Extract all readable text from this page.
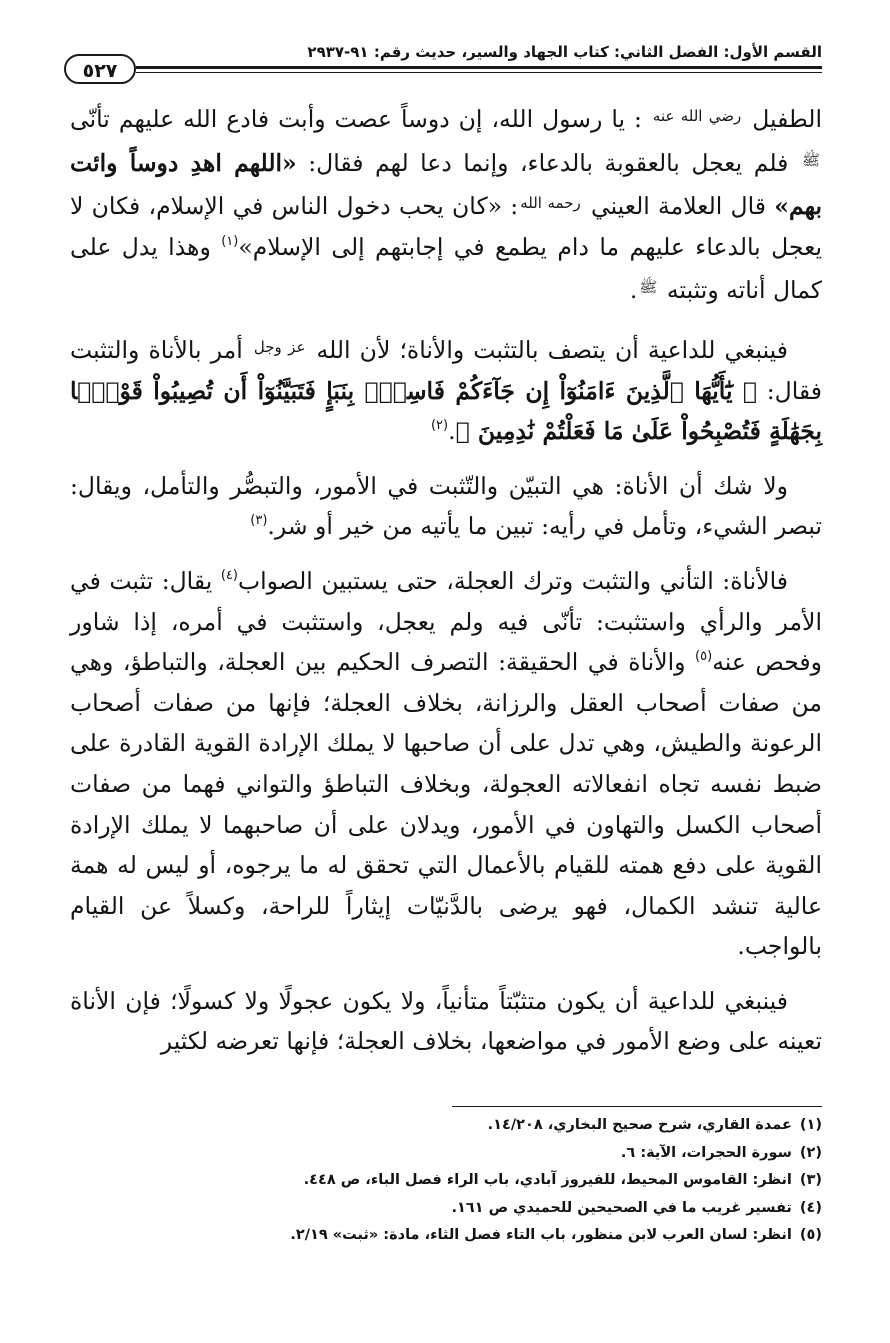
القسم الأول: الفصل الثاني: كتاب الجهاد والسير، حديث رقم: ٩١-٢٩٣٧
٥٢٧

الطفيل $^{رضي الله عنه}$ : يا رسول الله، إن دوساً عصت وأبت فادع الله عليهم تأنّى $^ﷺ$ فلم يعجل بالعقوبة بالدعاء، وإنما دعا لهم فقال: «اللهم اهدِ دوساً وائت بهم» قال العلامة العيني $^{رحمه الله}$: «كان يحب دخول الناس في الإسلام، فكان لا يعجل بالدعاء عليهم ما دام يطمع في إجابتهم إلى الإسلام»$^{(١)}$ وهذا يدل على كمال أناته وتثبته $^ﷺ$.

فينبغي للداعية أن يتصف بالتثبت والأناة؛ لأن الله $^{عز وجل}$ أمر بالأناة والتثبت فقال: ﴿ يَٰٓأَيُّهَا ٱلَّذِينَ ءَامَنُوٓاْ إِن جَآءَكُمْ فَاسِقُۢ بِنَبَإٍ فَتَبَيَّنُوٓاْ أَن تُصِيبُواْ قَوْمَۢا بِجَهَٰلَةٍ فَتُصْبِحُواْ عَلَىٰ مَا فَعَلْتُمْ نَٰدِمِينَ ﴾.$^{(٢)}$

ولا شك أن الأناة: هي التبيّن والتّثبت في الأمور، والتبصُّر والتأمل، ويقال: تبصر الشيء، وتأمل في رأيه: تبين ما يأتيه من خير أو شر.$^{(٣)}$

فالأناة: التأني والتثبت وترك العجلة، حتى يستبين الصواب$^{(٤)}$ يقال: تثبت في الأمر والرأي واستثبت: تأنّى فيه ولم يعجل، واستثبت في أمره، إذا شاور وفحص عنه$^{(٥)}$ والأناة في الحقيقة: التصرف الحكيم بين العجلة، والتباطؤ، وهي من صفات أصحاب العقل والرزانة، بخلاف العجلة؛ فإنها من صفات أصحاب الرعونة والطيش، وهي تدل على أن صاحبها لا يملك الإرادة القوية القادرة على ضبط نفسه تجاه انفعالاته العجولة، وبخلاف التباطؤ والتواني فهما من صفات أصحاب الكسل والتهاون في الأمور، ويدلان على أن صاحبهما لا يملك الإرادة القوية على دفع همته للقيام بالأعمال التي تحقق له ما يرجوه، أو ليس له همة عالية تنشد الكمال، فهو يرضى بالدَّنيّات إيثاراً للراحة، وكسلاً عن القيام بالواجب.

فينبغي للداعية أن يكون متثبّتاً متأنياً، ولا يكون عجولًا ولا كسولًا؛ فإن الأناة تعينه على وضع الأمور في مواضعها، بخلاف العجلة؛ فإنها تعرضه لكثير

(١)عمدة القاري، شرح صحيح البخاري، ١٤/٢٠٨.
(٢)سورة الحجرات، الآية: ٦.
(٣)انظر: القاموس المحيط، للفيروز آبادي، باب الراء فصل الباء، ص ٤٤٨.
(٤)تفسير غريب ما في الصحيحين للحميدي ص ١٦١.
(٥)انظر: لسان العرب لابن منظور، باب التاء فصل الثاء، مادة: «ثبت» ٢/١٩.
